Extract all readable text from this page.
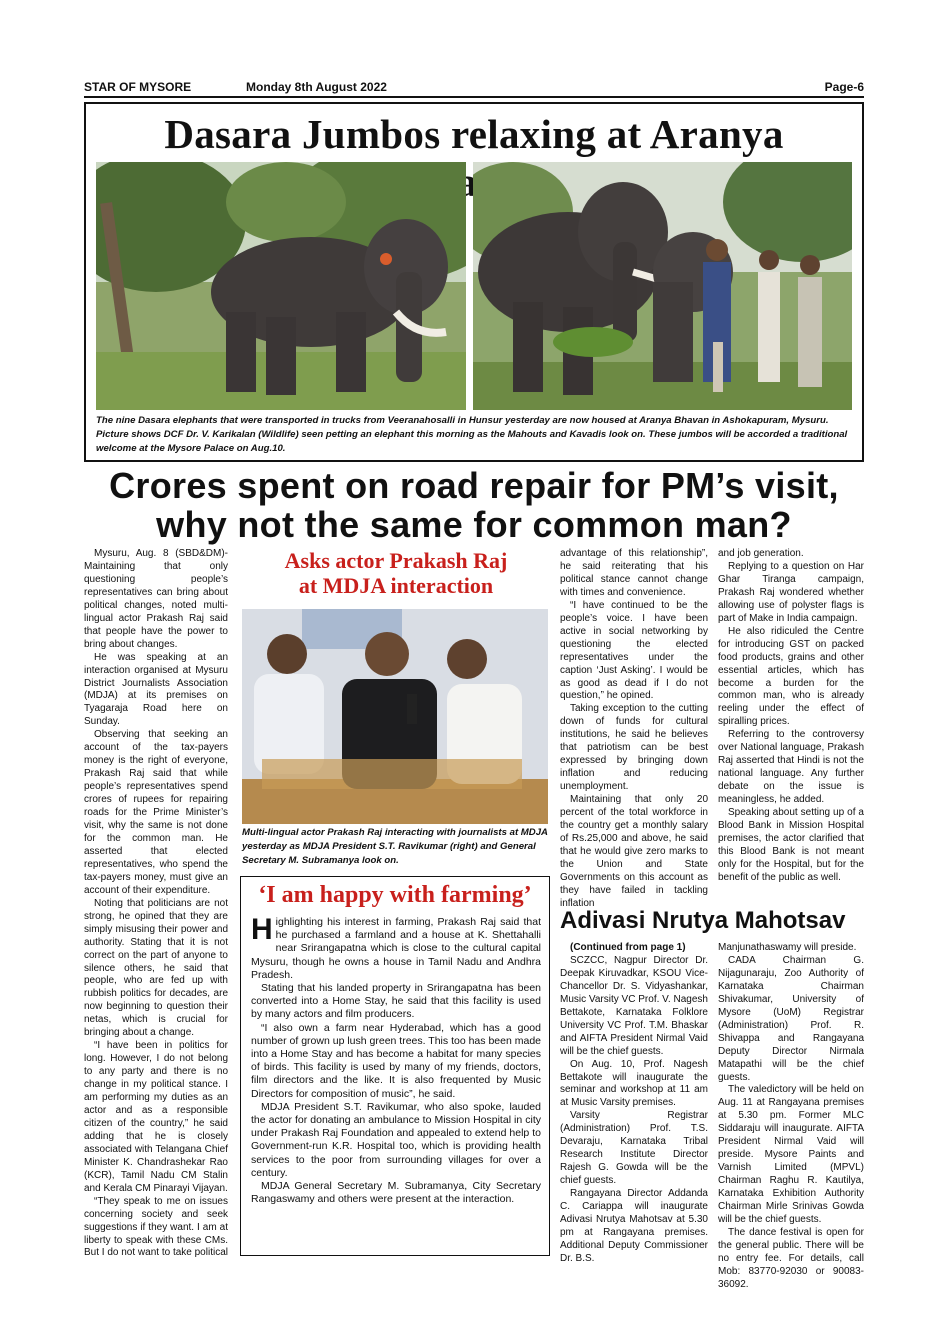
STAR OF MYSORE	Monday 8th August 2022	Page-6
Dasara Jumbos relaxing at Aranya
The nine Dasara elephants that were transported in trucks from Veeranahosalli in Hunsur yesterday are now housed at Aranya Bhavan in Ashokapuram, Mysuru. Picture shows DCF Dr. V. Karikalan (Wildlife) seen petting an elephant this morning as the Mahouts and Kavadis look on. These jumbos will be accorded a traditional welcome at the Mysore Palace on Aug.10.
Crores spent on road repair for PM’s visit,
why not the same for common man?

Mysuru, Aug. 8 (SBD&DM)-Maintaining that only questioning people’s representatives can bring about political changes, noted multi-lingual actor Prakash Raj said that people have the power to bring about changes.

He was speaking at an interaction organised at Mysuru District Journalists Association (MDJA) at its premises on Tyagaraja Road here on Sunday.

Observing that seeking an account of the tax-payers money is the right of everyone, Prakash Raj said that while people’s representatives spend crores of rupees for repairing roads for the Prime Minister’s visit, why the same is not done for the common man. He asserted that elected representatives, who spend the tax-payers money, must give an account of their expenditure.

Noting that politicians are not strong, he opined that they are simply misusing their power and authority. Stating that it is not correct on the part of anyone to silence others, he said that people, who are fed up with rubbish politics for decades, are now beginning to question their netas, which is crucial for bringing about a change.

“I have been in politics for long. However, I do not belong to any party and there is no change in my political stance. I am performing my duties as an actor and as a responsible citizen of the country,” he said adding that he is closely associated with Telangana Chief Minister K. Chandrashekar Rao (KCR), Tamil Nadu CM Stalin and Kerala CM Pinarayi Vijayan.

“They speak to me on issues concerning society and seek suggestions if they want. I am at liberty to speak with these CMs. But I do not want to take political

Asks actor Prakash Raj
at MDJA interaction
Multi-lingual actor Prakash Raj interacting with journalists at MDJA yesterday as MDJA President S.T. Ravikumar (right) and General Secretary M. Subramanya look on.
‘I am happy with farming’

Highlighting his interest in farming, Prakash Raj said that he purchased a farmland and a house at K. Shettahalli near Srirangapatna which is close to the cultural capital Mysuru, though he owns a house in Tamil Nadu and Andhra Pradesh.

Stating that his landed property in Srirangapatna has been converted into a Home Stay, he said that this facility is used by many actors and film producers.

“I also own a farm near Hyderabad, which has a good number of grown up lush green trees. This too has been made into a Home Stay and has become a habitat for many species of birds. This facility is used by many of my friends, doctors, film directors and the like. It is also frequented by Music Directors for composition of music”, he said.

MDJA President S.T. Ravikumar, who also spoke, lauded the actor for donating an ambulance to Mission Hospital in city under Prakash Raj Foundation and appealed to extend help to Government-run K.R. Hospital too, which is providing health services to the poor from surrounding villages for over a century.

MDJA General Secretary M. Subramanya, City Secretary Rangaswamy and others were present at the interaction.

advantage of this relationship”, he said reiterating that his political stance cannot change with times and convenience.

“I have continued to be the people’s voice. I have been active in social networking by questioning the elected representatives under the caption ‘Just Asking’. I would be as good as dead if I do not question,” he opined.

Taking exception to the cutting down of funds for cultural institutions, he said he believes that patriotism can be best expressed by bringing down inflation and reducing unemployment.

Maintaining that only 20 percent of the total workforce in the country get a monthly salary of Rs.25,000 and above, he said that he would give zero marks to the Union and State Governments on this account as they have failed in tackling inflation

and job generation.

Replying to a question on Har Ghar Tiranga campaign, Prakash Raj wondered whether allowing use of polyster flags is part of Make in India campaign.

He also ridiculed the Centre for introducing GST on packed food products, grains and other essential articles, which has become a burden for the common man, who is already reeling under the effect of spiralling prices.

Referring to the controversy over National language, Prakash Raj asserted that Hindi is not the national language. Any further debate on the issue is meaningless, he added.

Speaking about setting up of a Blood Bank in Mission Hospital premises, the actor clarified that this Blood Bank is not meant only for the Hospital, but for the benefit of the public as well.

Adivasi Nrutya Mahotsav

(Continued from page 1)

SCZCC, Nagpur Director Dr. Deepak Kiruvadkar, KSOU Vice-Chancellor Dr. S. Vidyashankar, Music Varsity VC Prof. V. Nagesh Bettakote, Karnataka Folklore University VC Prof. T.M. Bhaskar and AIFTA President Nirmal Vaid will be the chief guests.

On Aug. 10, Prof. Nagesh Bettakote will inaugurate the seminar and workshop at 11 am at Music Varsity premises.

Varsity Registrar (Administration) Prof. T.S. Devaraju, Karnataka Tribal Research Institute Director Rajesh G. Gowda will be the chief guests.

Rangayana Director Addanda C. Cariappa will inaugurate Adivasi Nrutya Mahotsav at 5.30 pm at Rangayana premises. Additional Deputy Commissioner Dr. B.S.

Manjunathaswamy will preside.

CADA Chairman G. Nijagunaraju, Zoo Authority of Karnataka Chairman Shivakumar, University of Mysore (UoM) Registrar (Administration) Prof. R. Shivappa and Rangayana Deputy Director Nirmala Matapathi will be the chief guests.

The valedictory will be held on Aug. 11 at Rangayana premises at 5.30 pm. Former MLC Siddaraju will inaugurate. AIFTA President Nirmal Vaid will preside. Mysore Paints and Varnish Limited (MPVL) Chairman Raghu R. Kautilya, Karnataka Exhibition Authority Chairman Mirle Srinivas Gowda will be the chief guests.

The dance festival is open for the general public. There will be no entry fee. For details, call Mob: 83770-92030 or 90083-36092.
